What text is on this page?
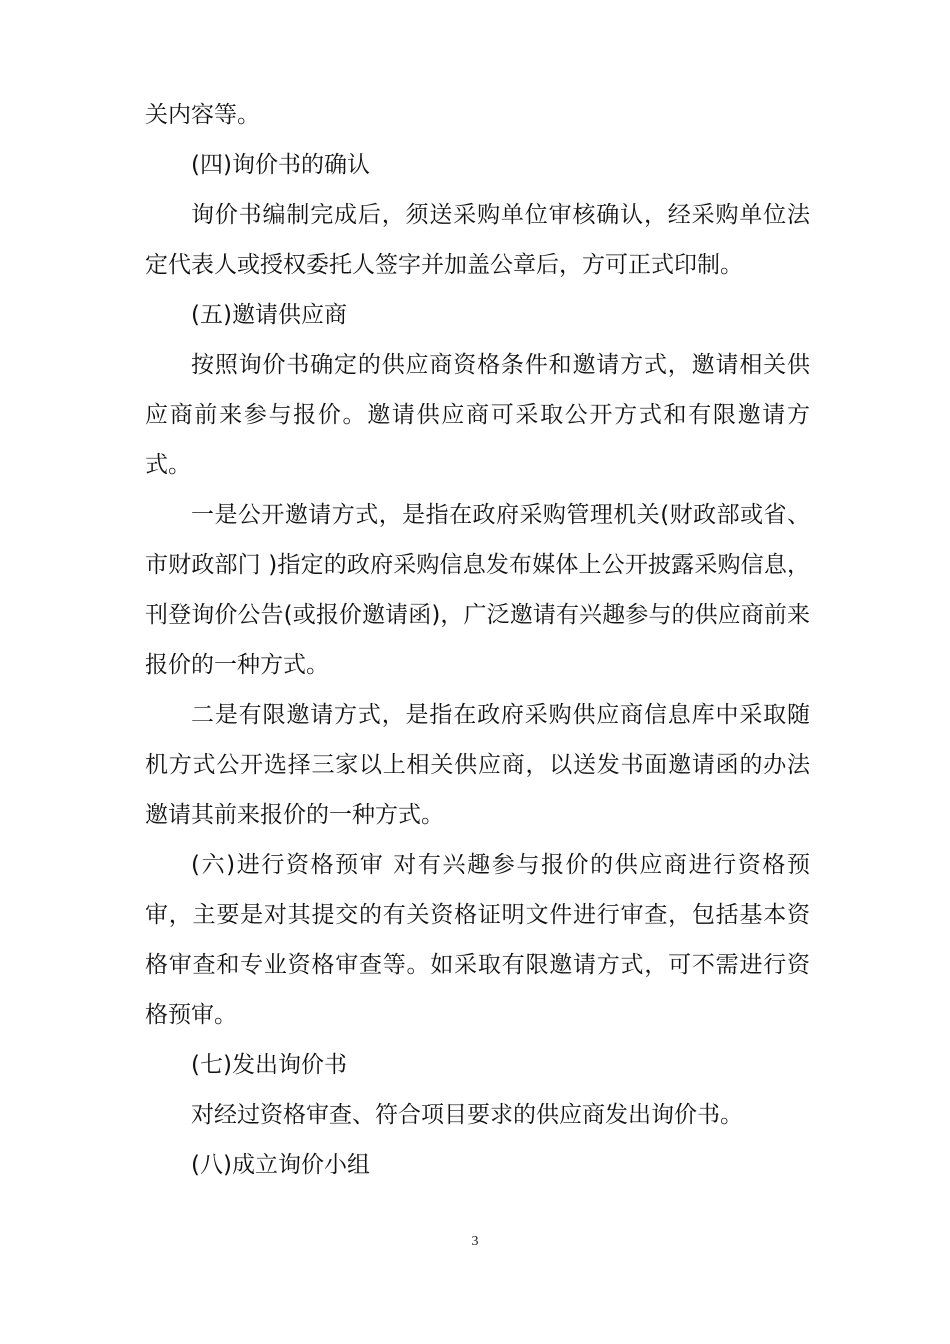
关内容等。

(四)询价书的确认

询价书编制完成后，须送采购单位审核确认，经采购单位法定代表人或授权委托人签字并加盖公章后，方可正式印制。

(五)邀请供应商

按照询价书确定的供应商资格条件和邀请方式，邀请相关供应商前来参与报价。邀请供应商可采取公开方式和有限邀请方式。

一是公开邀请方式，是指在政府采购管理机关(财政部或省、市财政部门 )指定的政府采购信息发布媒体上公开披露采购信息，刊登询价公告(或报价邀请函)，广泛邀请有兴趣参与的供应商前来报价的一种方式。

二是有限邀请方式，是指在政府采购供应商信息库中采取随机方式公开选择三家以上相关供应商，以送发书面邀请函的办法邀请其前来报价的一种方式。

(六)进行资格预审 对有兴趣参与报价的供应商进行资格预审，主要是对其提交的有关资格证明文件进行审查，包括基本资格审查和专业资格审查等。如采取有限邀请方式，可不需进行资格预审。

(七)发出询价书

对经过资格审查、符合项目要求的供应商发出询价书。

(八)成立询价小组

3
